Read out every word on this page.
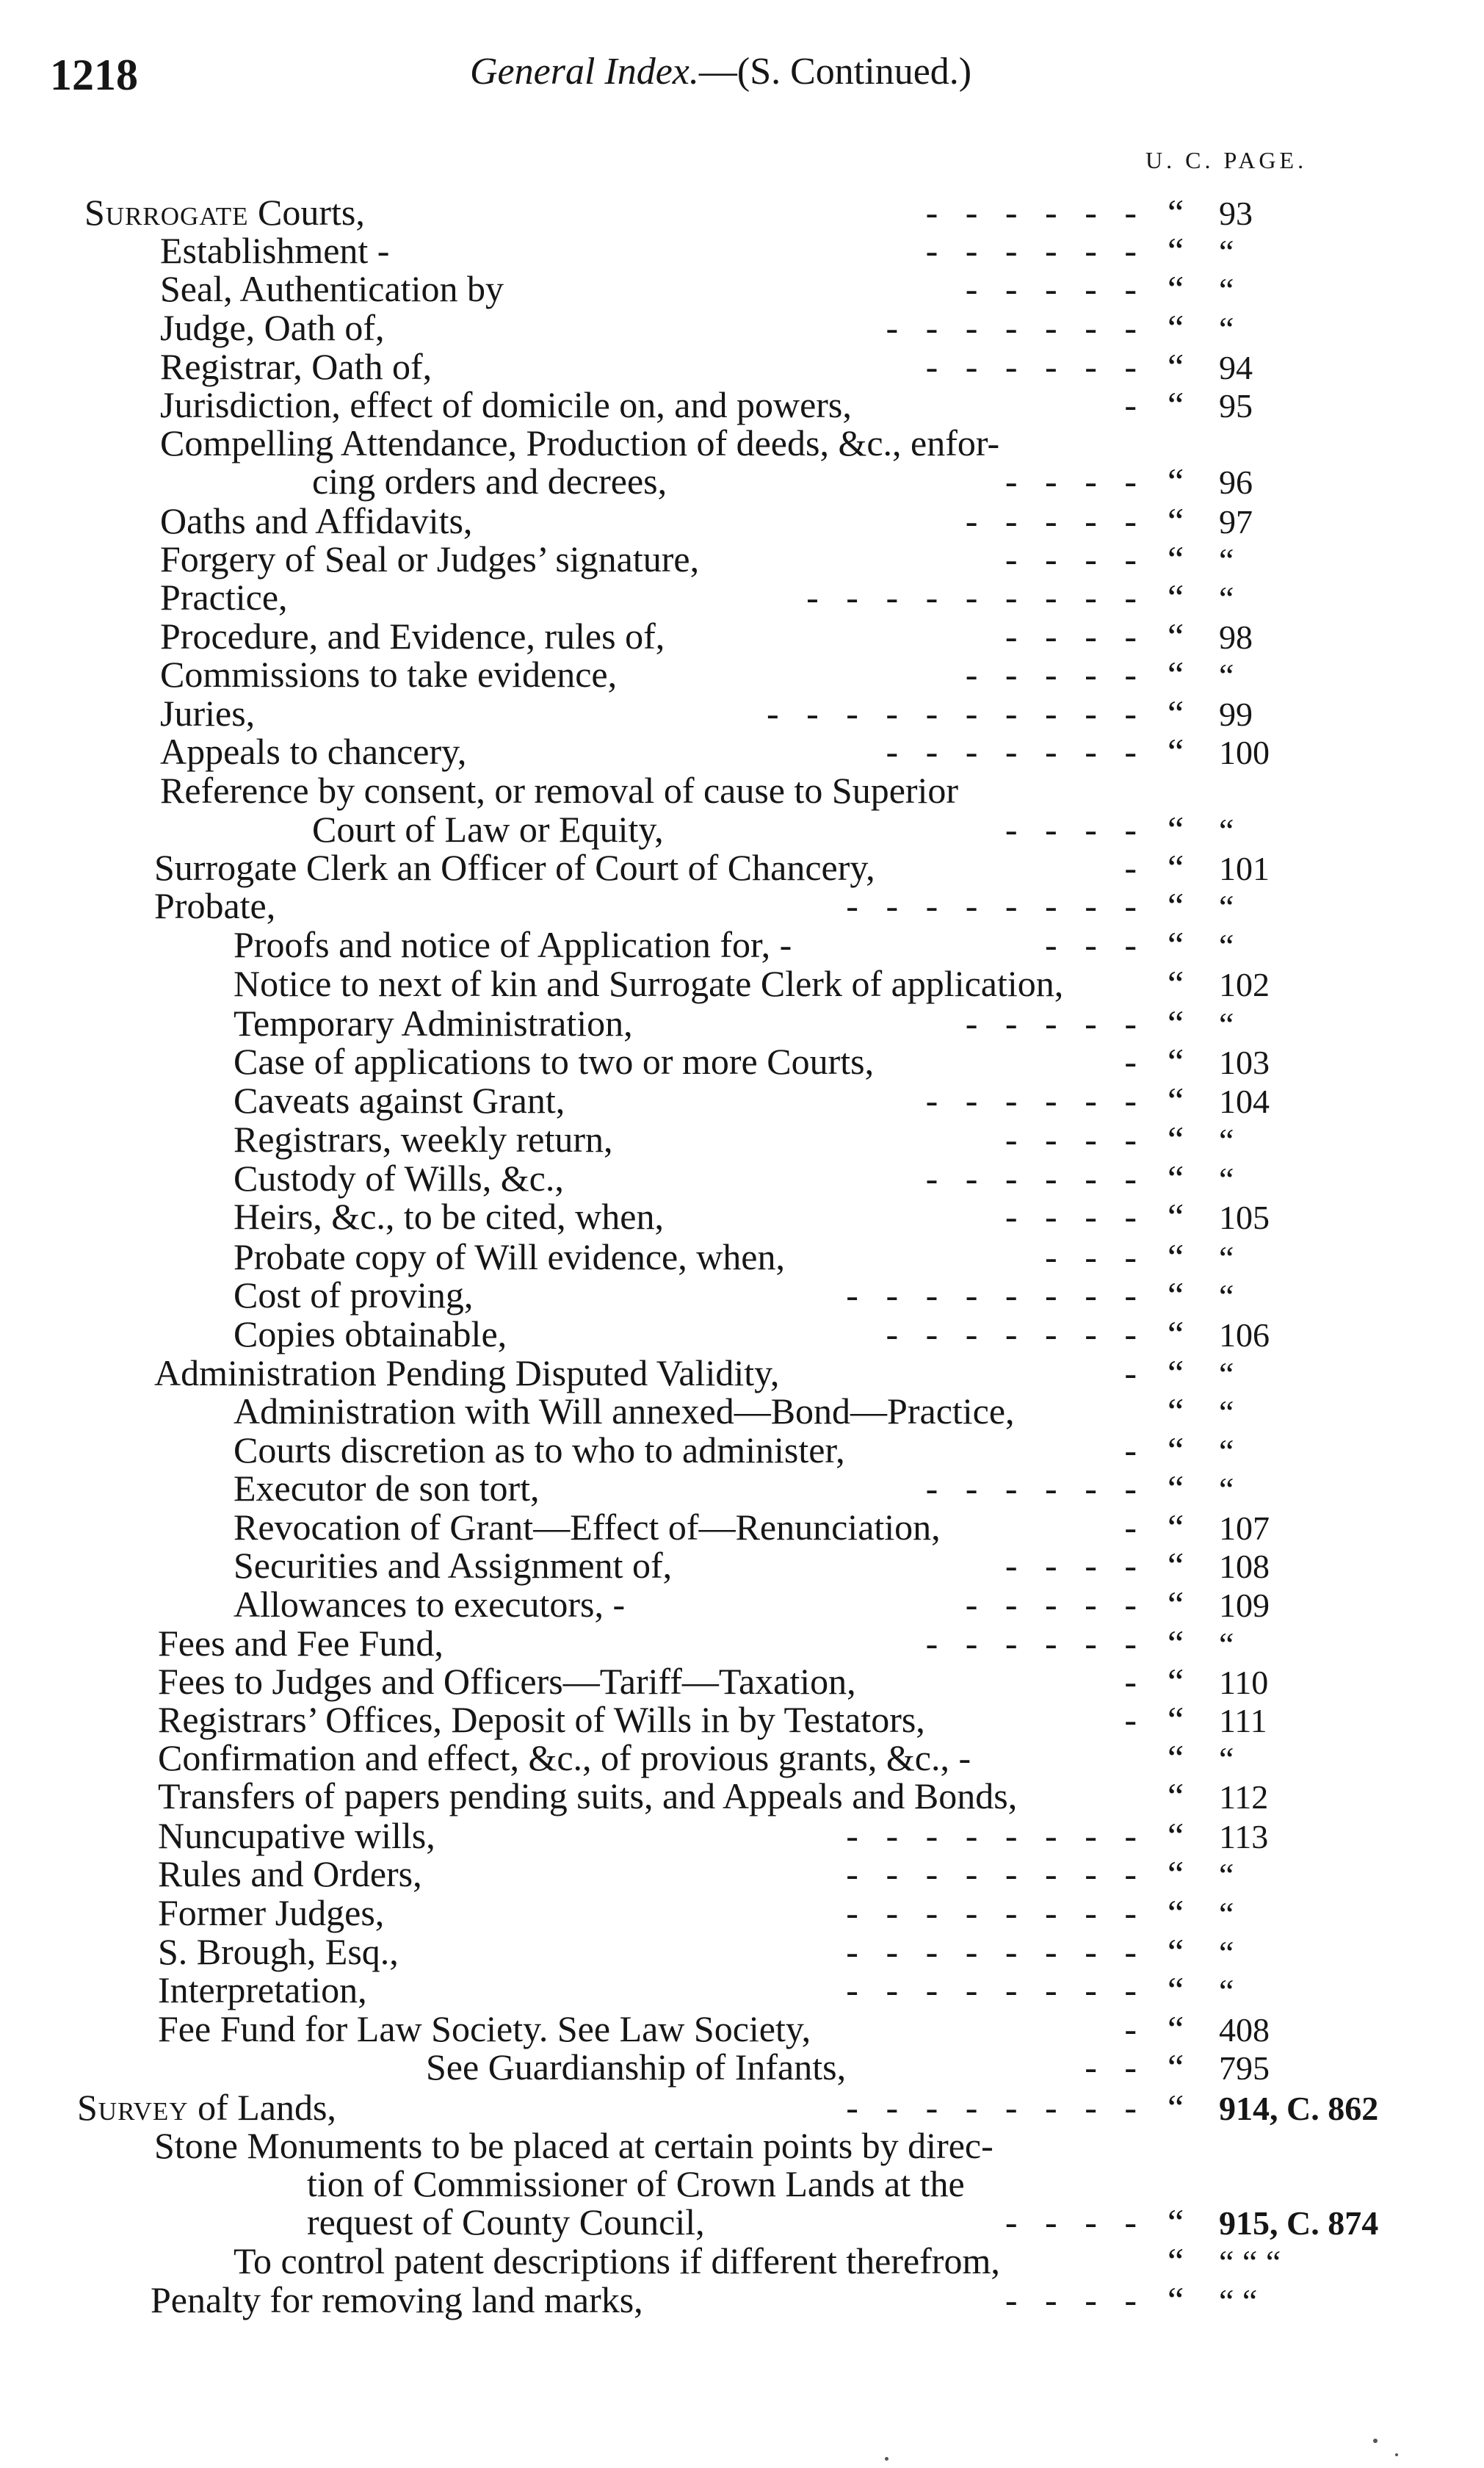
1218	General Index.—(S. Continued.)
U. C. PAGE.
Surrogate Courts,	-   -   -   -   -   - “ 93
Establishment -	-   -   -   -   -   - “ “
Seal, Authentication by	-   -   -   -   - “ “
Judge, Oath of,	-   -   -   -   -   -   - “ “
Registrar, Oath of,	-   -   -   -   -   - “ 94
Jurisdiction, effect of domicile on, and powers,	- “ 95
Compelling Attendance, Production of deeds, &c., enfor-
cing orders and decrees,	-   -   -   - “ 96
Oaths and Affidavits,	-   -   -   -   - “ 97
Forgery of Seal or Judges’ signature,	-   -   -   - “ “
Practice,	-   -   -   -   -   -   -   -   - “ “
Procedure, and Evidence, rules of,	-   -   -   - “ 98
Commissions to take evidence,	-   -   -   -   - “ “
Juries,	-   -   -   -   -   -   -   -   -   - “ 99
Appeals to chancery,	-   -   -   -   -   -   - “ 100
Reference by consent, or removal of cause to Superior
Court of Law or Equity,	-   -   -   - “ “
Surrogate Clerk an Officer of Court of Chancery,	- “ 101
Probate,	-   -   -   -   -   -   -   - “ “
Proofs and notice of Application for, -	-   -   - “ “
Notice to next of kin and Surrogate Clerk of application,	“ 102
Temporary Administration,	-   -   -   -   - “ “
Case of applications to two or more Courts,	- “ 103
Caveats against Grant,	-   -   -   -   -   - “ 104
Registrars, weekly return,	-   -   -   - “ “
Custody of Wills, &c.,	-   -   -   -   -   - “ “
Heirs, &c., to be cited, when,	-   -   -   - “ 105
Probate copy of Will evidence, when,	-   -   - “ “
Cost of proving,	-   -   -   -   -   -   -   - “ “
Copies obtainable,	-   -   -   -   -   -   - “ 106
Administration Pending Disputed Validity,	- “ “
Administration with Will annexed—Bond—Practice,	“ “
Courts discretion as to who to administer,	- “ “
Executor de son tort,	-   -   -   -   -   - “ “
Revocation of Grant—Effect of—Renunciation,	- “ 107
Securities and Assignment of,	-   -   -   - “ 108
Allowances to executors, -	-   -   -   -   - “ 109
Fees and Fee Fund,	-   -   -   -   -   - “ “
Fees to Judges and Officers—Tariff—Taxation,	- “ 110
Registrars’ Offices, Deposit of Wills in by Testators,	- “ 111
Confirmation and effect, &c., of provious grants, &c., -	“ “
Transfers of papers pending suits, and Appeals and Bonds,	“ 112
Nuncupative wills,	-   -   -   -   -   -   -   - “ 113
Rules and Orders,	-   -   -   -   -   -   -   - “ “
Former Judges,	-   -   -   -   -   -   -   - “ “
S. Brough, Esq.,	-   -   -   -   -   -   -   - “ “
Interpretation,	-   -   -   -   -   -   -   - “ “
Fee Fund for Law Society. See Law Society,	- “ 408
See Guardianship of Infants,	-   - “ 795
Survey of Lands,	-   -   -   -   -   -   -   - “ 914, C. 862
Stone Monuments to be placed at certain points by direc-
tion of Commissioner of Crown Lands at the
request of County Council,	-   -   -   - “ 915, C. 874
To control patent descriptions if different therefrom,	“ “ “ “
Penalty for removing land marks,	-   -   -   - “ “ “
